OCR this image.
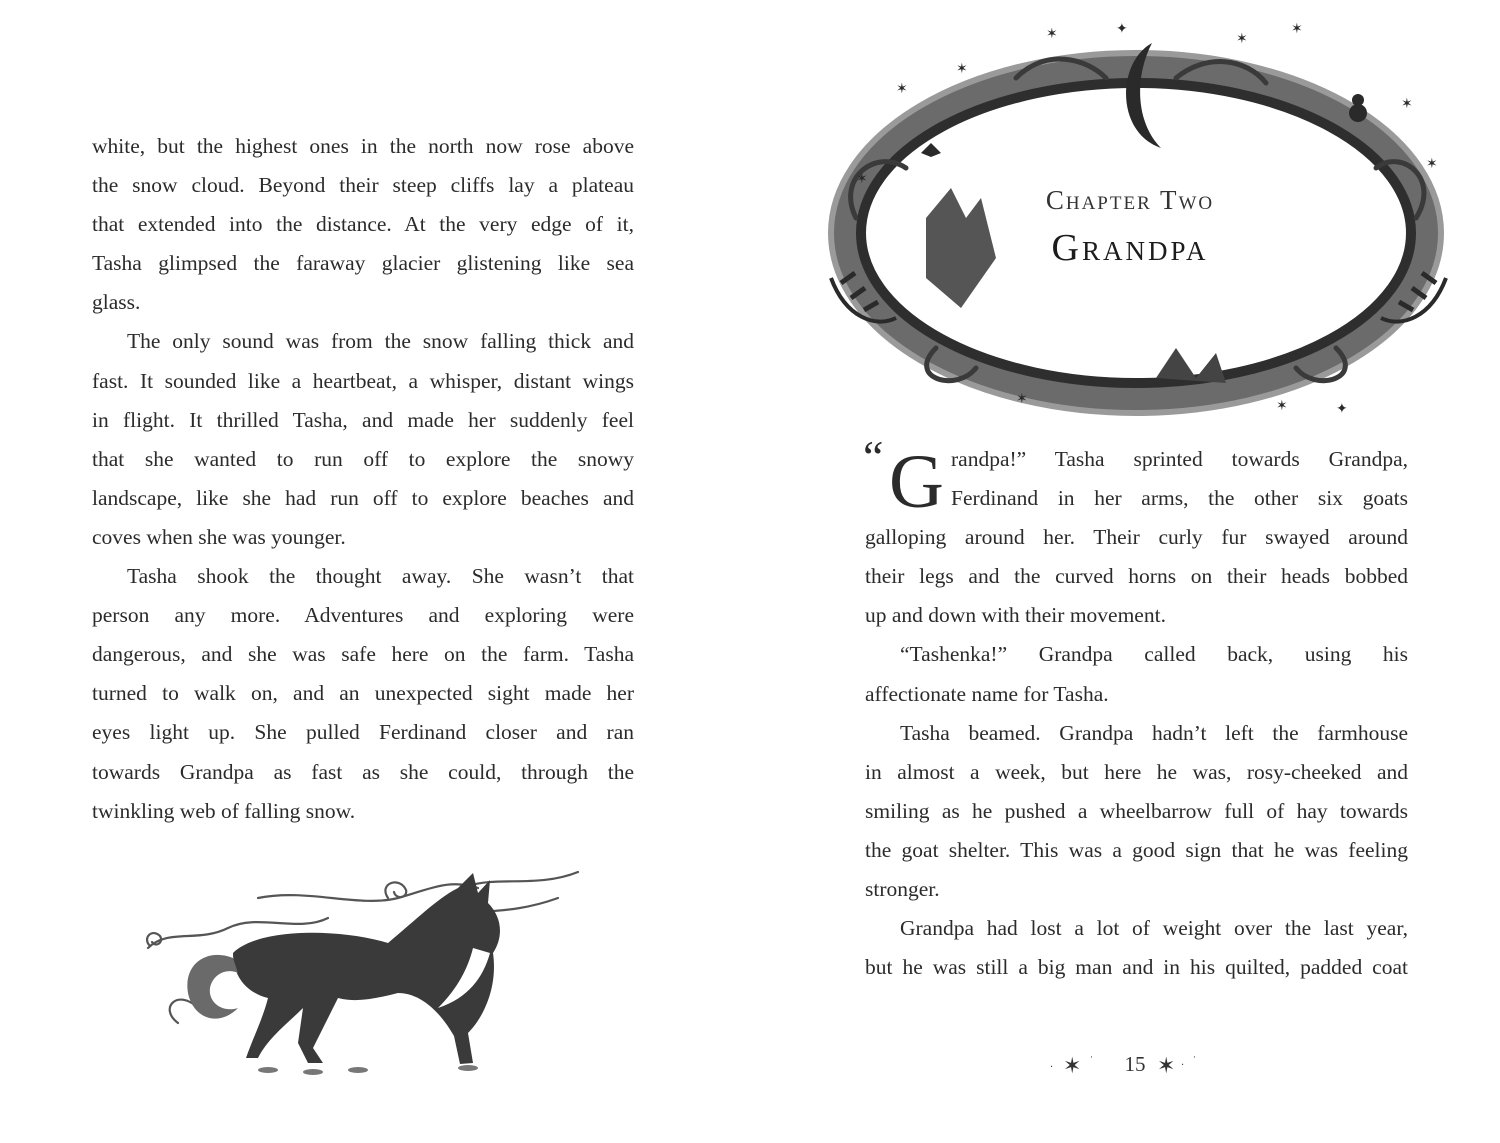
white, but the highest ones in the north now rose above
the snow cloud. Beyond their steep cliffs lay a plateau
that extended into the distance. At the very edge of it,
Tasha glimpsed the faraway glacier glistening like sea
glass.
The only sound was from the snow falling thick and
fast. It sounded like a heartbeat, a whisper, distant wings
in flight. It thrilled Tasha, and made her suddenly feel
that she wanted to run off to explore the snowy
landscape, like she had run off to explore beaches and
coves when she was younger.
Tasha shook the thought away. She wasn’t that
person any more. Adventures and exploring were
dangerous, and she was safe here on the farm. Tasha
turned to walk on, and an unexpected sight made her
eyes light up. She pulled Ferdinand closer and ran
towards Grandpa as fast as she could, through the
twinkling web of falling snow.
✶
✶
✶	✦
✶
✶
✶
✶
✶
✶	✶	✦
Chapter Two
Grandpa
“ G randpa!” Tasha sprinted towards Grandpa,
Ferdinand in her arms, the other six goats
galloping around her. Their curly fur swayed around
their legs and the curved horns on their heads bobbed
up and down with their movement.
“Tashenka!” Grandpa called back, using his
affectionate name for Tasha.
Tasha beamed. Grandpa hadn’t left the farmhouse
in almost a week, but here he was, rosy-cheeked and
smiling as he pushed a wheelbarrow full of hay towards
the goat shelter. This was a good sign that he was feeling
stronger.
Grandpa had lost a lot of weight over the last year,
but he was still a big man and in his quilted, padded coat
· ✶ ·	✶ ·
·
15
